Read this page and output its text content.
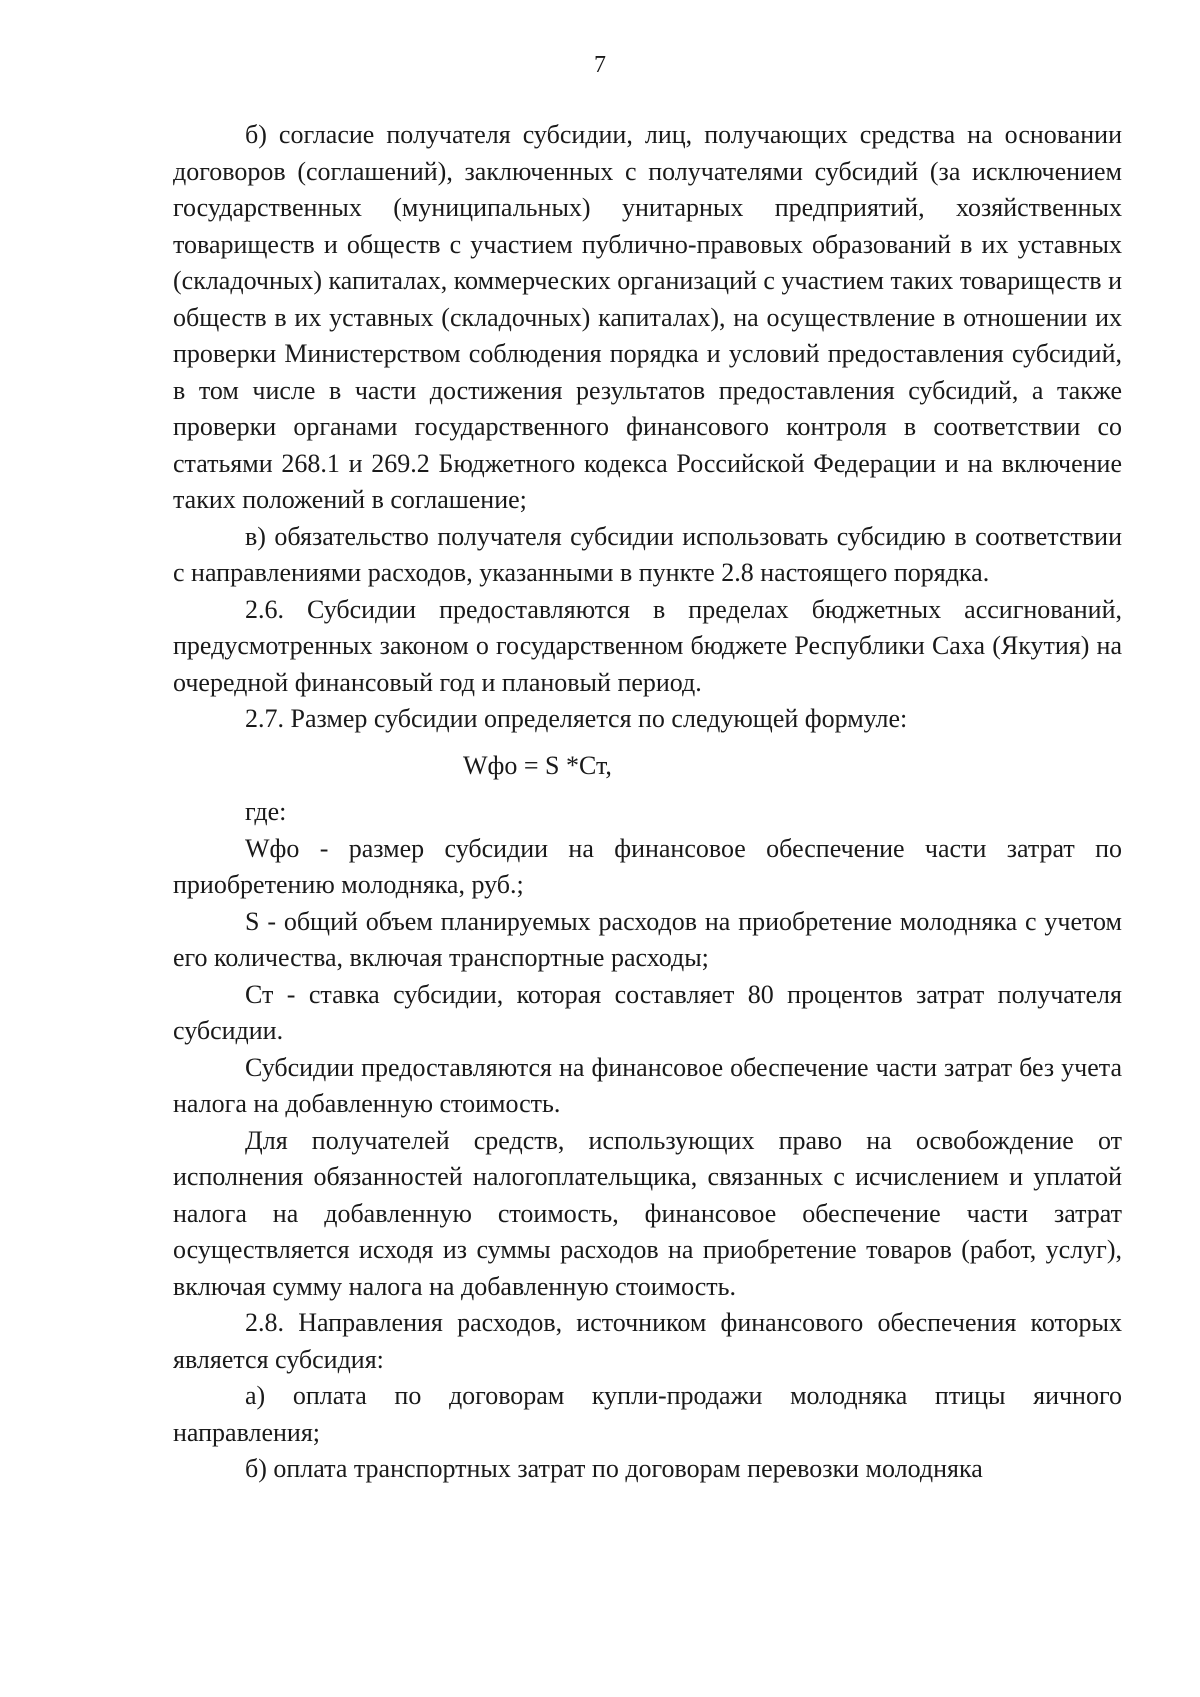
7

б) согласие получателя субсидии, лиц, получающих средства на основании договоров (соглашений), заключенных с получателями субсидий (за исключением государственных (муниципальных) унитарных предприятий, хозяйственных товариществ и обществ с участием публично-правовых образований в их уставных (складочных) капиталах, коммерческих организаций с участием таких товариществ и обществ в их уставных (складочных) капиталах), на осуществление в отношении их проверки Министерством соблюдения порядка и условий предоставления субсидий, в том числе в части достижения результатов предоставления субсидий, а также проверки органами государственного финансового контроля в соответствии со статьями 268.1 и 269.2 Бюджетного кодекса Российской Федерации и на включение таких положений в соглашение;

в) обязательство получателя субсидии использовать субсидию в соответствии с направлениями расходов, указанными в пункте 2.8 настоящего порядка.

2.6. Субсидии предоставляются в пределах бюджетных ассигнований, предусмотренных законом о государственном бюджете Республики Саха (Якутия) на очередной финансовый год и плановый период.

2.7. Размер субсидии определяется по следующей формуле:

Wфо = S *Ст,

где:

Wфо - размер субсидии на финансовое обеспечение части затрат по приобретению молодняка, руб.;

S - общий объем планируемых расходов на приобретение молодняка с учетом его количества, включая транспортные расходы;

Ст - ставка субсидии, которая составляет 80 процентов затрат получателя субсидии.

Субсидии предоставляются на финансовое обеспечение части затрат без учета налога на добавленную стоимость.

Для получателей средств, использующих право на освобождение от исполнения обязанностей налогоплательщика, связанных с исчислением и уплатой налога на добавленную стоимость, финансовое обеспечение части затрат осуществляется исходя из суммы расходов на приобретение товаров (работ, услуг), включая сумму налога на добавленную стоимость.

2.8. Направления расходов, источником финансового обеспечения которых является субсидия:

а) оплата по договорам купли-продажи молодняка птицы яичного направления;

б) оплата транспортных затрат по договорам перевозки молодняка
